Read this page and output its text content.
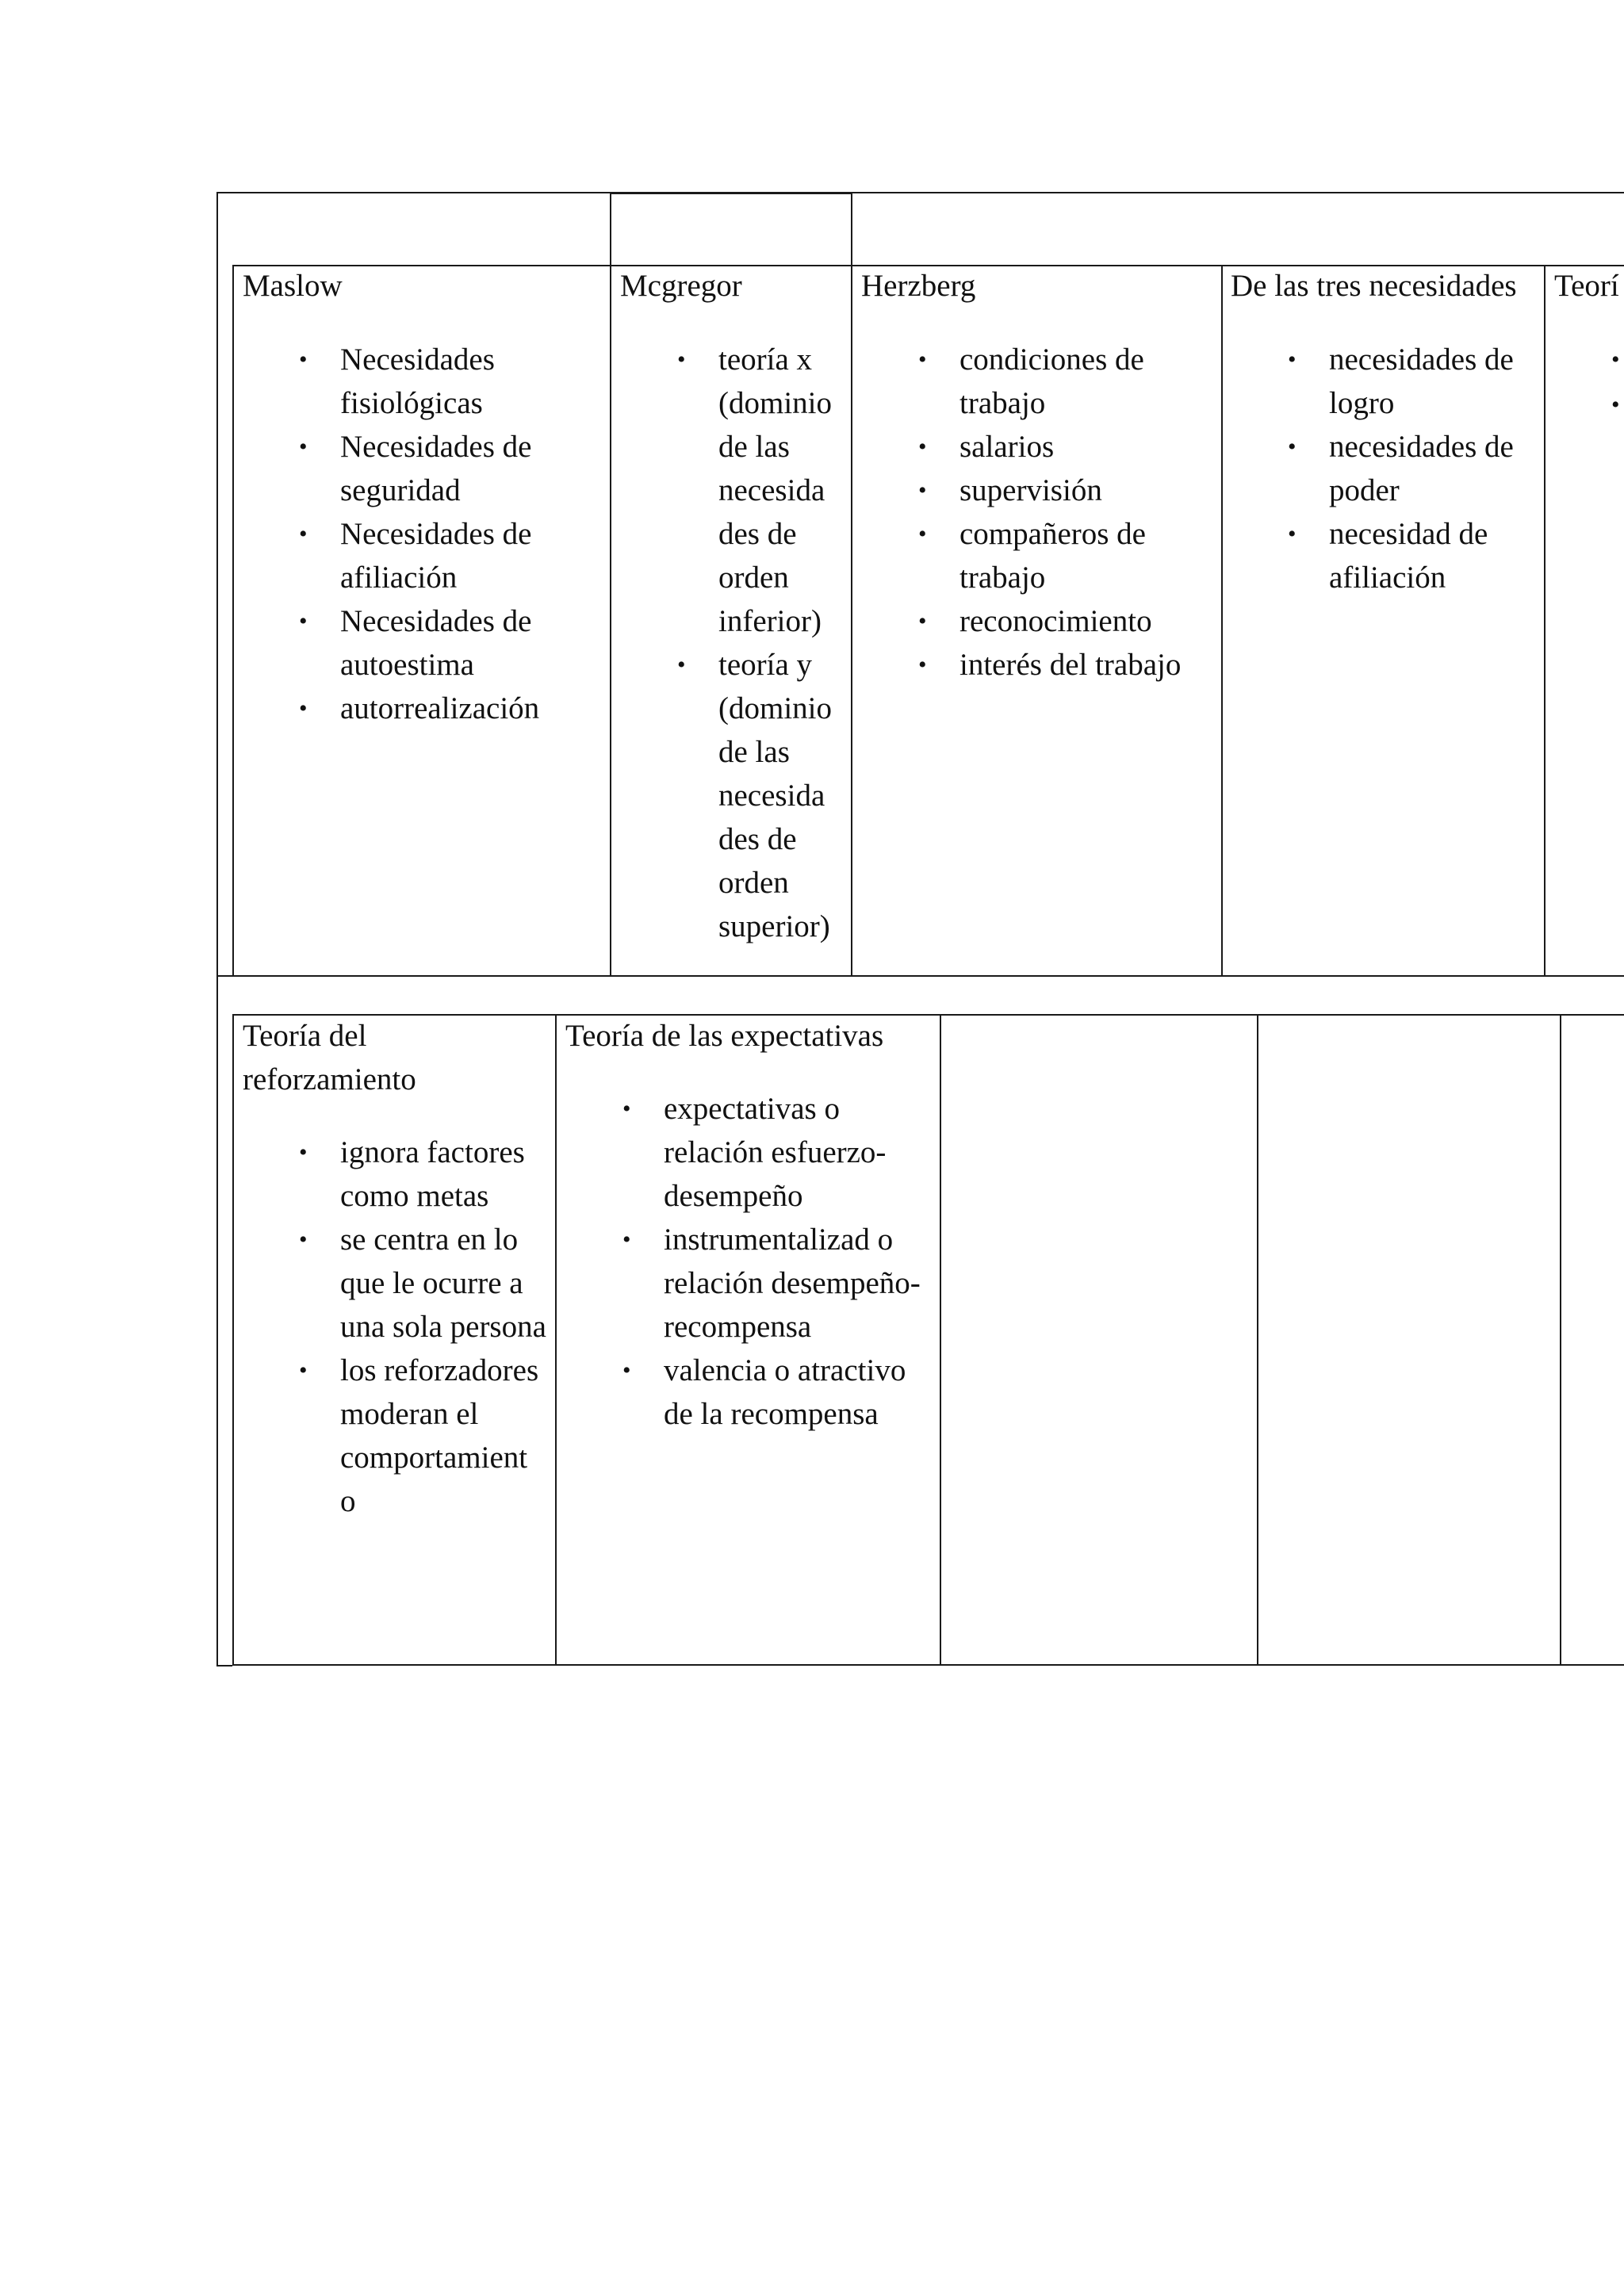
Maslow
• Necesidades fisiológicas
• Necesidades de seguridad
• Necesidades de afiliación
• Necesidades de autoestima
• autorrealización
Mcgregor
• teoría x (dominio de las necesida des de orden inferior)
• teoría y (dominio de las necesida des de orden superior)
Herzberg
• condiciones de trabajo
• salarios
• supervisión
• compañeros de trabajo
• reconocimiento
• interés del trabajo
De las tres necesidades
• necesidades de logro
• necesidades de poder
• necesidad de afiliación
Teorí
•

•

Teoría del reforzamiento
• ignora factores como metas
• se centra en lo que le ocurre a una sola persona
• los reforzadores moderan el comportamient o
Teoría de las expectativas
• expectativas o relación esfuerzo-desempeño
• instrumentalizad o relación desempeño-recompensa
• valencia o atractivo de la recompensa
